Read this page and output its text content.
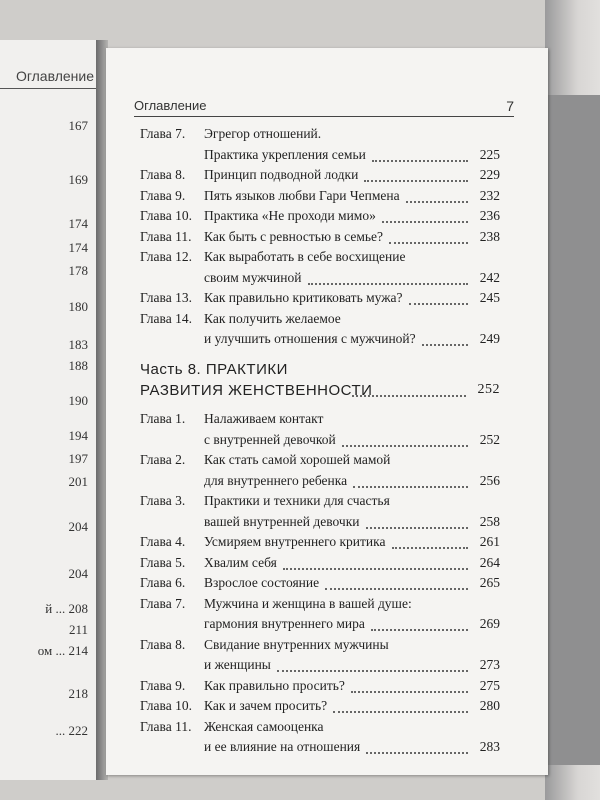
Оглавление
167
169
174
174
178
180
183
188
190
194
197
201
204
204
й ... 208
211
ом ... 214
218
... 222
Оглавление	7
Глава 7. Эгрегор отношений.
Практика укрепления семьи	225
Глава 8. Принцип подводной лодки	229
Глава 9. Пять языков любви Гари Чепмена	232
Глава 10. Практика «Не проходи мимо»	236
Глава 11. Как быть с ревностью в семье?	238
Глава 12. Как выработать в себе восхищение
своим мужчиной	242
Глава 13. Как правильно критиковать мужа?	245
Глава 14. Как получить желаемое
и улучшить отношения с мужчиной?	249
Часть 8. ПРАКТИКИ
РАЗВИТИЯ ЖЕНСТВЕННОСТИ	252
Глава 1. Налаживаем контакт
с внутренней девочкой	252
Глава 2. Как стать самой хорошей мамой
для внутреннего ребенка	256
Глава 3. Практики и техники для счастья
вашей внутренней девочки	258
Глава 4. Усмиряем внутреннего критика	261
Глава 5. Хвалим себя	264
Глава 6. Взрослое состояние	265
Глава 7. Мужчина и женщина в вашей душе:
гармония внутреннего мира	269
Глава 8. Свидание внутренних мужчины
и женщины	273
Глава 9. Как правильно просить?	275
Глава 10. Как и зачем просить?	280
Глава 11. Женская самооценка
и ее влияние на отношения	283
